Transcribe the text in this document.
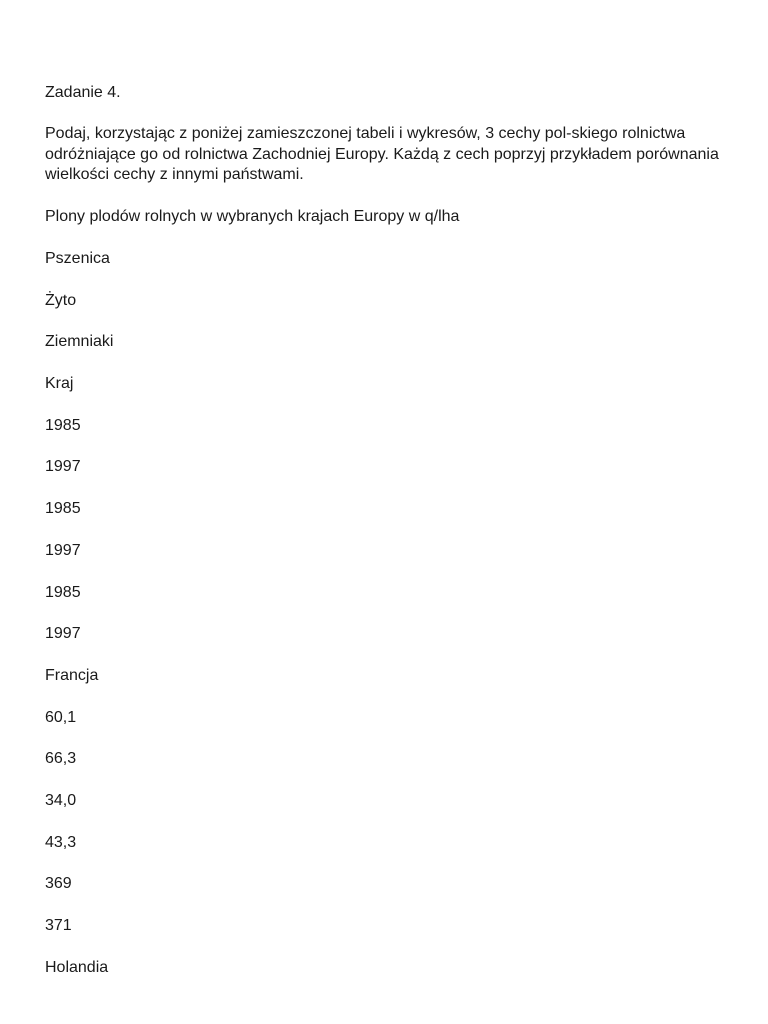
Zadanie 4.

Podaj, korzystając z poniżej zamieszczonej tabeli i wykresów, 3 cechy pol-skiego rolnictwa odróżniające go od rolnictwa Zachodniej Europy. Każdą z cech poprzyj przykładem porównania wielkości cechy z innymi państwami.

Plony plodów rolnych w wybranych krajach Europy w q/lha
Pszenica
Żyto
Ziemniaki
Kraj
1985
1997
1985
1997
1985
1997
Francja
60,1
66,3
34,0
43,3
369
371
Holandia
